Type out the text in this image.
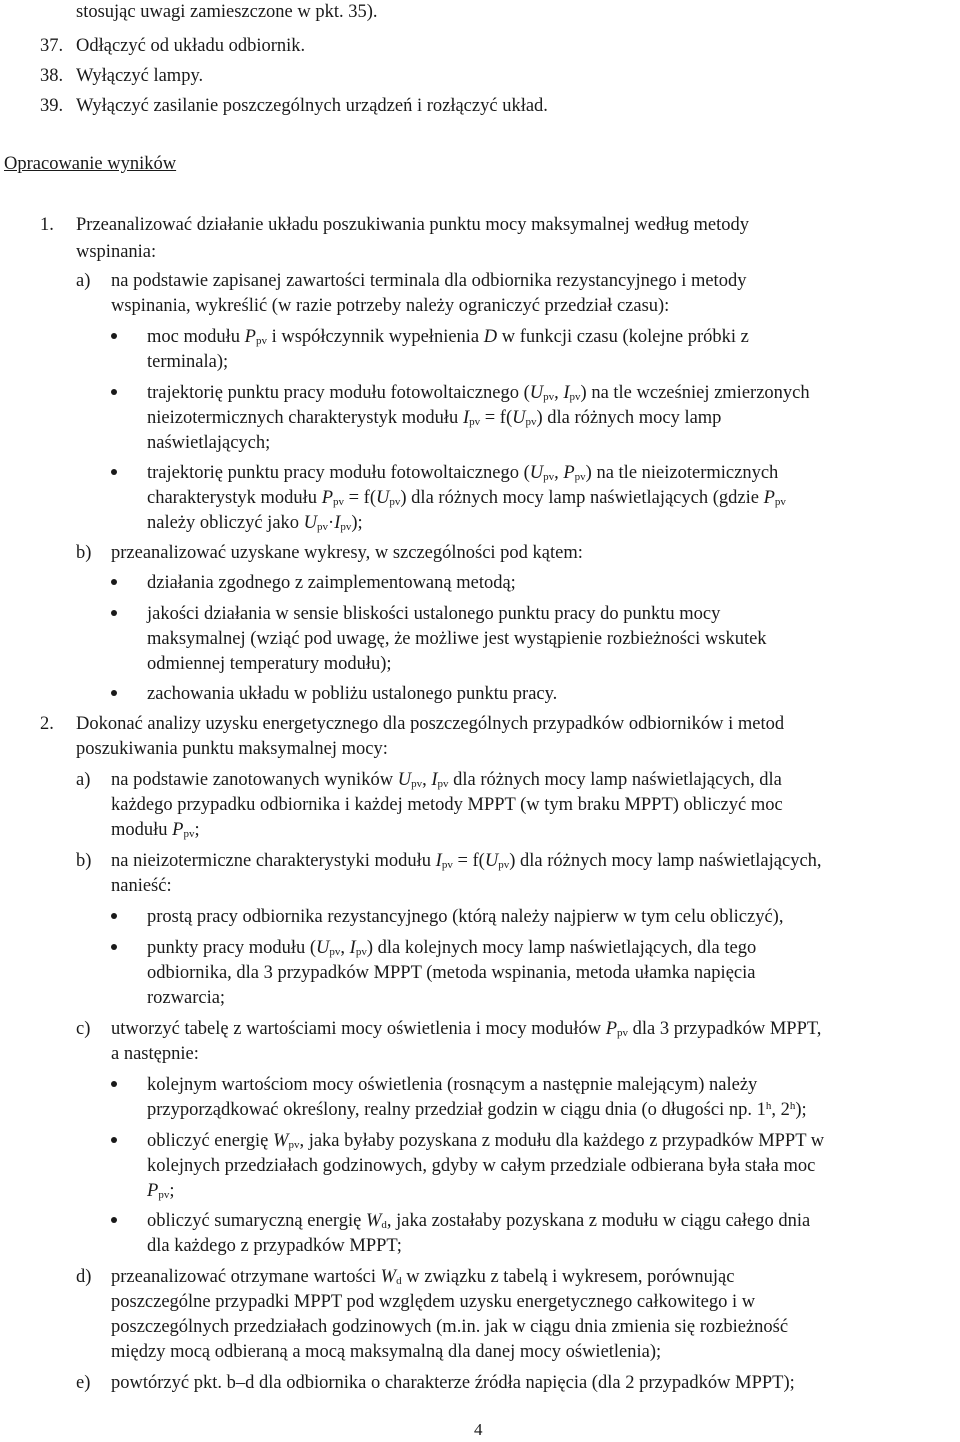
stosując uwagi zamieszczone w pkt. 35).
37. Odłączyć od układu odbiornik.
38. Wyłączyć lampy.
39. Wyłączyć zasilanie poszczególnych urządzeń i rozłączyć układ.
Opracowanie wyników
1. Przeanalizować działanie układu poszukiwania punktu mocy maksymalnej według metody
wspinania:
a) na podstawie zapisanej zawartości terminala dla odbiornika rezystancyjnego i metody
wspinania, wykreślić (w razie potrzeby należy ograniczyć przedział czasu):
moc modułu $P_{pv}$ i współczynnik wypełnienia D w funkcji czasu (kolejne próbki z
terminala);
trajektorię punktu pracy modułu fotowoltaicznego ($U_{pv}$, $I_{pv}$) na tle wcześniej zmierzonych
nieizotermicznych charakterystyk modułu $I_{pv} = f(U_{pv})$ dla różnych mocy lamp
naświetlających;
trajektorię punktu pracy modułu fotowoltaicznego ($U_{pv}$, $P_{pv}$) na tle nieizotermicznych
charakterystyk modułu $P_{pv} = f(U_{pv})$ dla różnych mocy lamp naświetlających (gdzie $P_{pv}$
należy obliczyć jako $U_{pv}\cdot I_{pv}$);
b) przeanalizować uzyskane wykresy, w szczególności pod kątem:
działania zgodnego z zaimplementowaną metodą;
jakości działania w sensie bliskości ustalonego punktu pracy do punktu mocy
maksymalnej (wziąć pod uwagę, że możliwe jest wystąpienie rozbieżności wskutek
odmiennej temperatury modułu);
zachowania układu w pobliżu ustalonego punktu pracy.
2. Dokonać analizy uzysku energetycznego dla poszczególnych przypadków odbiorników i metod
poszukiwania punktu maksymalnej mocy:
a) na podstawie zanotowanych wyników $U_{pv}$, $I_{pv}$ dla różnych mocy lamp naświetlających, dla
każdego przypadku odbiornika i każdej metody MPPT (w tym braku MPPT) obliczyć moc
modułu $P_{pv}$;
b) na nieizotermiczne charakterystyki modułu $I_{pv} = f(U_{pv})$ dla różnych mocy lamp naświetlających,
nanieść:
prostą pracy odbiornika rezystancyjnego (którą należy najpierw w tym celu obliczyć),
punkty pracy modułu ($U_{pv}$, $I_{pv}$) dla kolejnych mocy lamp naświetlających, dla tego
odbiornika, dla 3 przypadków MPPT (metoda wspinania, metoda ułamka napięcia
rozwarcia;
c) utworzyć tabelę z wartościami mocy oświetlenia i mocy modułów $P_{pv}$ dla 3 przypadków MPPT,
a następnie:
kolejnym wartościom mocy oświetlenia (rosnącym a następnie malejącym) należy
przyporządkować określony, realny przedział godzin w ciągu dnia (o długości np. 1$^h$, 2$^h$);
obliczyć energię $W_{pv}$, jaka byłaby pozyskana z modułu dla każdego z przypadków MPPT w
kolejnych przedziałach godzinowych, gdyby w całym przedziale odbierana była stała moc
$P_{pv}$;
obliczyć sumaryczną energię $W_d$, jaka zostałaby pozyskana z modułu w ciągu całego dnia
dla każdego z przypadków MPPT;
d) przeanalizować otrzymane wartości $W_d$ w związku z tabelą i wykresem, porównując
poszczególne przypadki MPPT pod względem uzysku energetycznego całkowitego i w
poszczególnych przedziałach godzinowych (m.in. jak w ciągu dnia zmienia się rozbieżność
między mocą odbieraną a mocą maksymalną dla danej mocy oświetlenia);
e) powtórzyć pkt. b–d dla odbiornika o charakterze źródła napięcia (dla 2 przypadków MPPT);
4
